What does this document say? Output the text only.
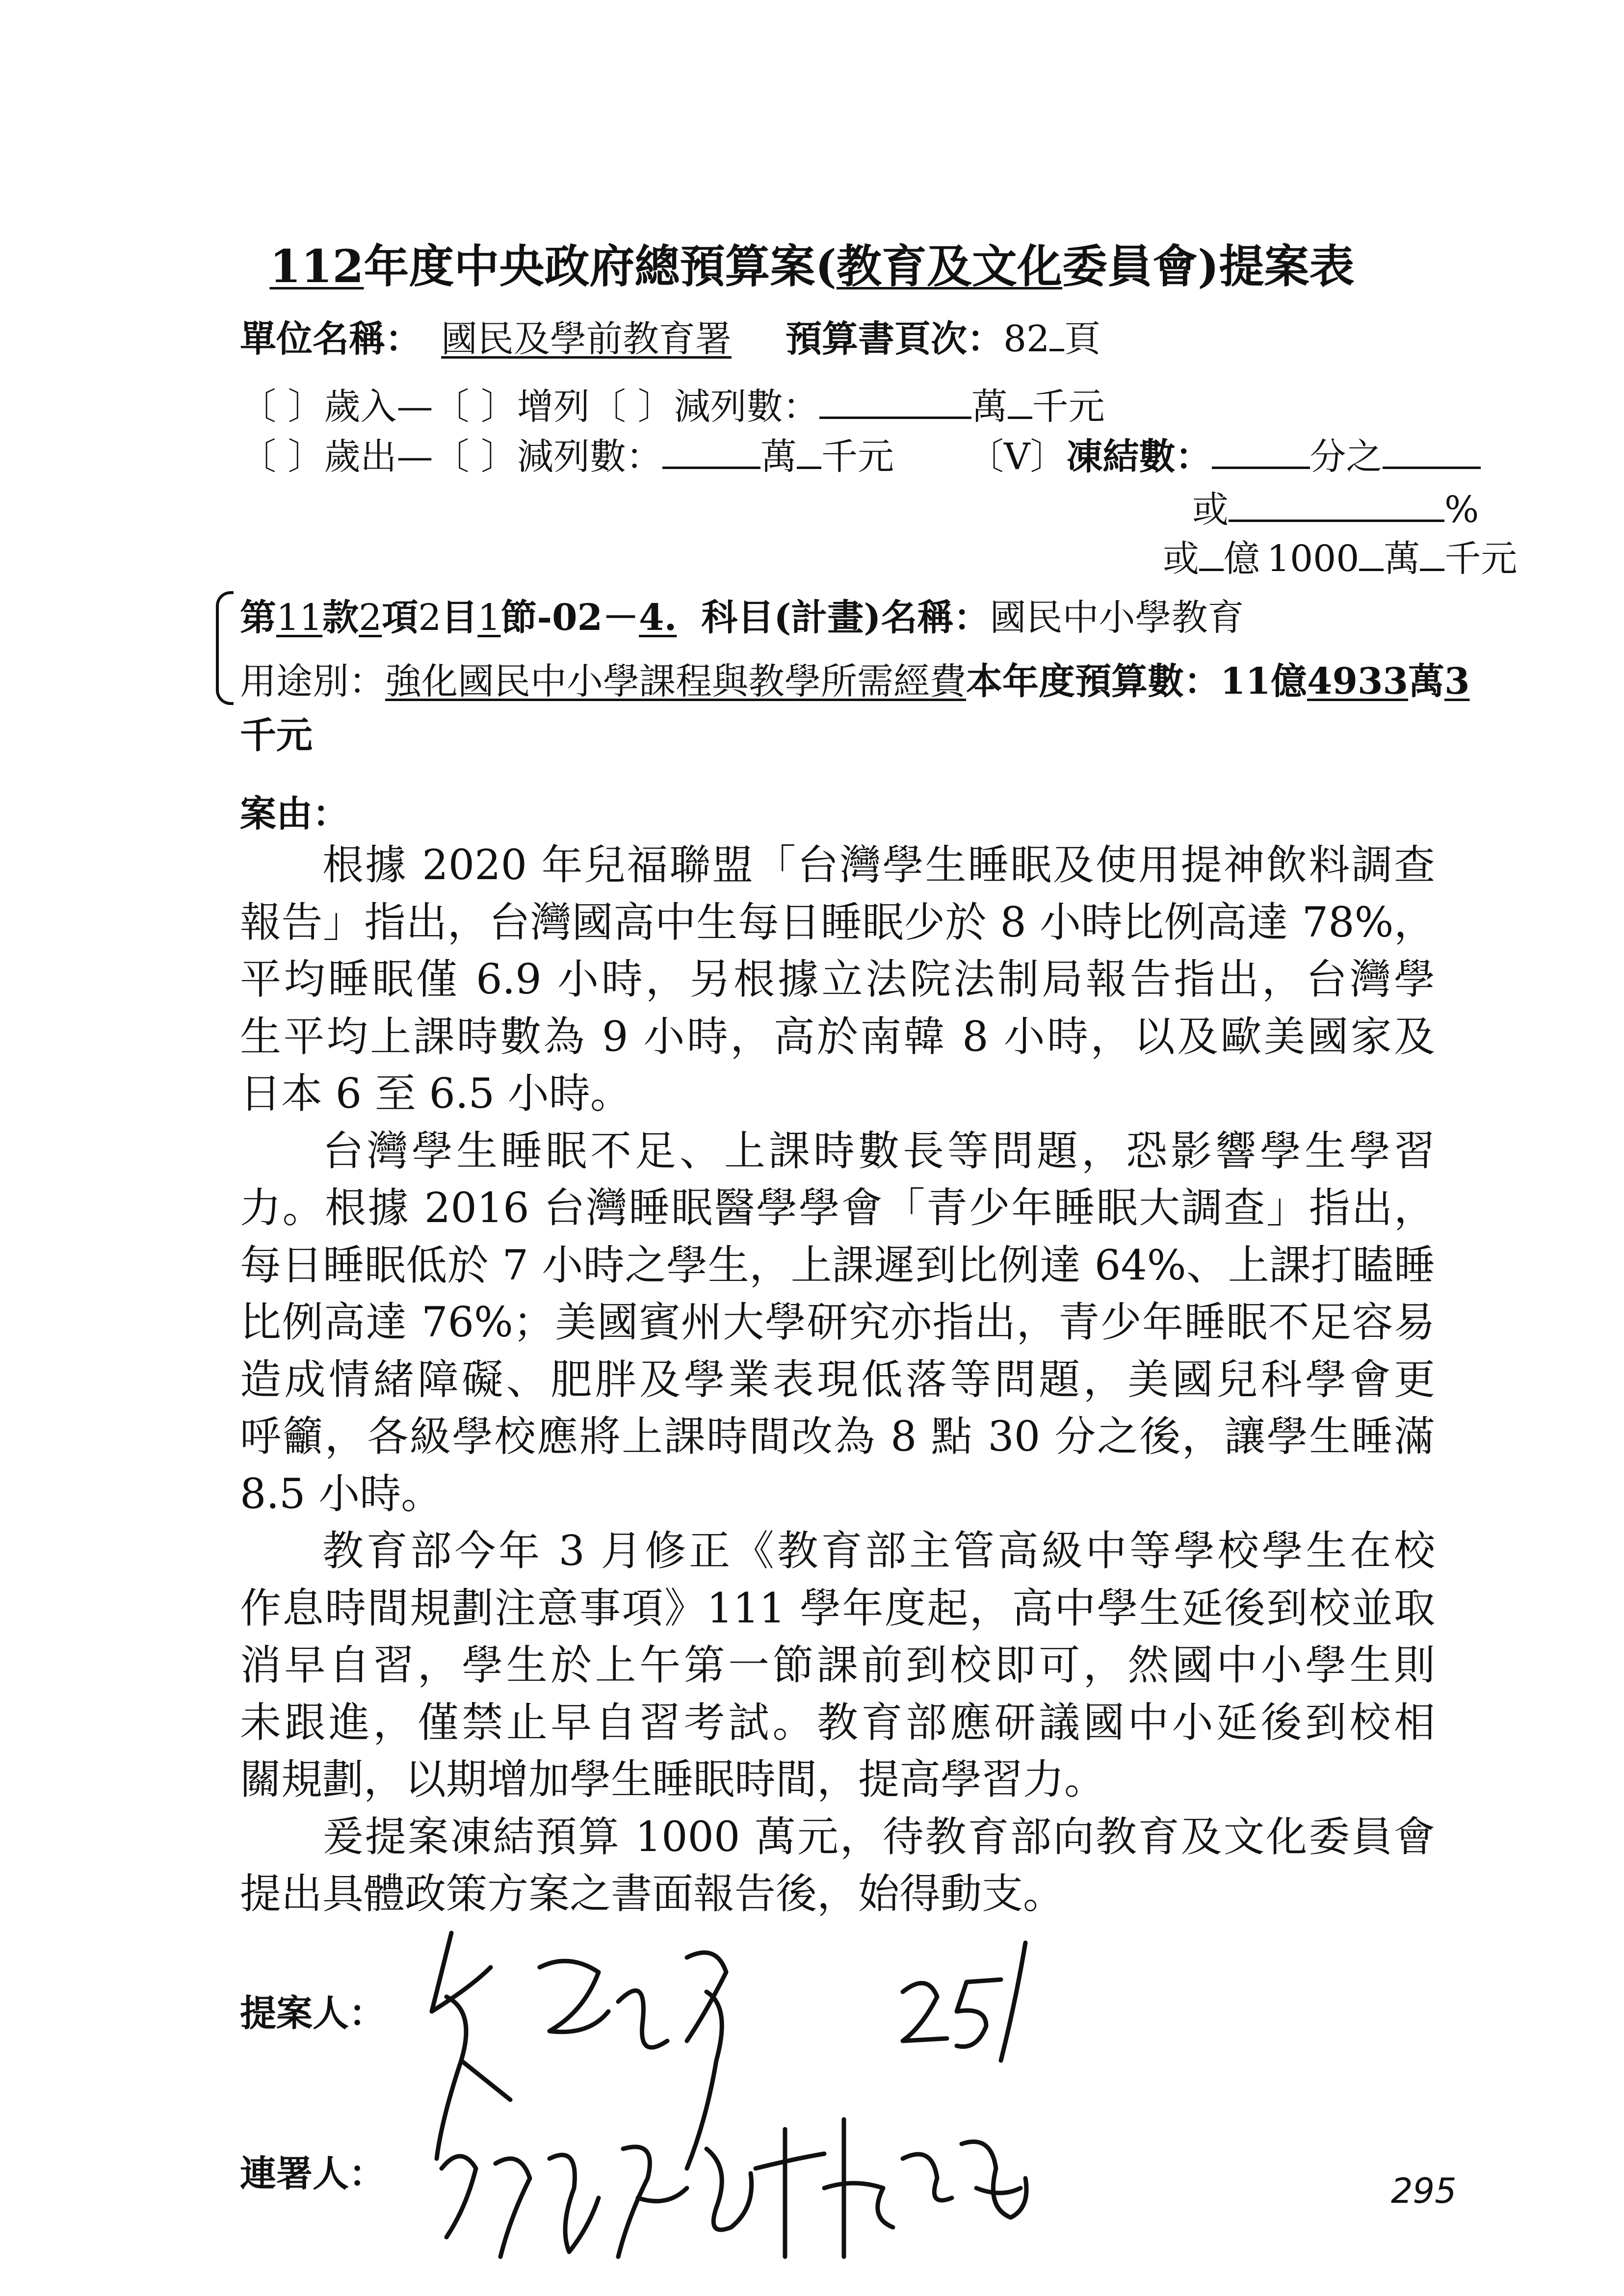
112年度中央政府總預算案(教育及文化委員會)提案表
單位名稱： 國民及學前教育署 預算書頁次：82 頁
〔 〕歲入—〔 〕增列〔 〕減列數：	萬 千元
〔 〕歲出—〔 〕減列數：	萬 千元 〔V〕凍結數：	分之
或	%
或 億 1000 萬 千元
第11款2項2目1節-02－4. 科目(計畫)名稱：國民中小學教育
用途別：強化國民中小學課程與教學所需經費本年度預算數：11億4933萬3
千元
案由：
根據 2020 年兒福聯盟「台灣學生睡眠及使用提神飲料調查
報告」指出，台灣國高中生每日睡眠少於 8 小時比例高達 78%，
平均睡眠僅 6.9 小時，另根據立法院法制局報告指出，台灣學
生平均上課時數為 9 小時，高於南韓 8 小時，以及歐美國家及
日本 6 至 6.5 小時。
台灣學生睡眠不足、上課時數長等問題，恐影響學生學習
力。根據 2016 台灣睡眠醫學學會「青少年睡眠大調查」指出，
每日睡眠低於 7 小時之學生，上課遲到比例達 64%、上課打瞌睡
比例高達 76%；美國賓州大學研究亦指出，青少年睡眠不足容易
造成情緒障礙、肥胖及學業表現低落等問題，美國兒科學會更
呼籲，各級學校應將上課時間改為 8 點 30 分之後，讓學生睡滿
8.5 小時。
教育部今年 3 月修正《教育部主管高級中等學校學生在校
作息時間規劃注意事項》111 學年度起，高中學生延後到校並取
消早自習，學生於上午第一節課前到校即可，然國中小學生則
未跟進，僅禁止早自習考試。教育部應研議國中小延後到校相
關規劃，以期增加學生睡眠時間，提高學習力。
爰提案凍結預算 1000 萬元，待教育部向教育及文化委員會
提出具體政策方案之書面報告後，始得動支。
提案人：
連署人：	295
